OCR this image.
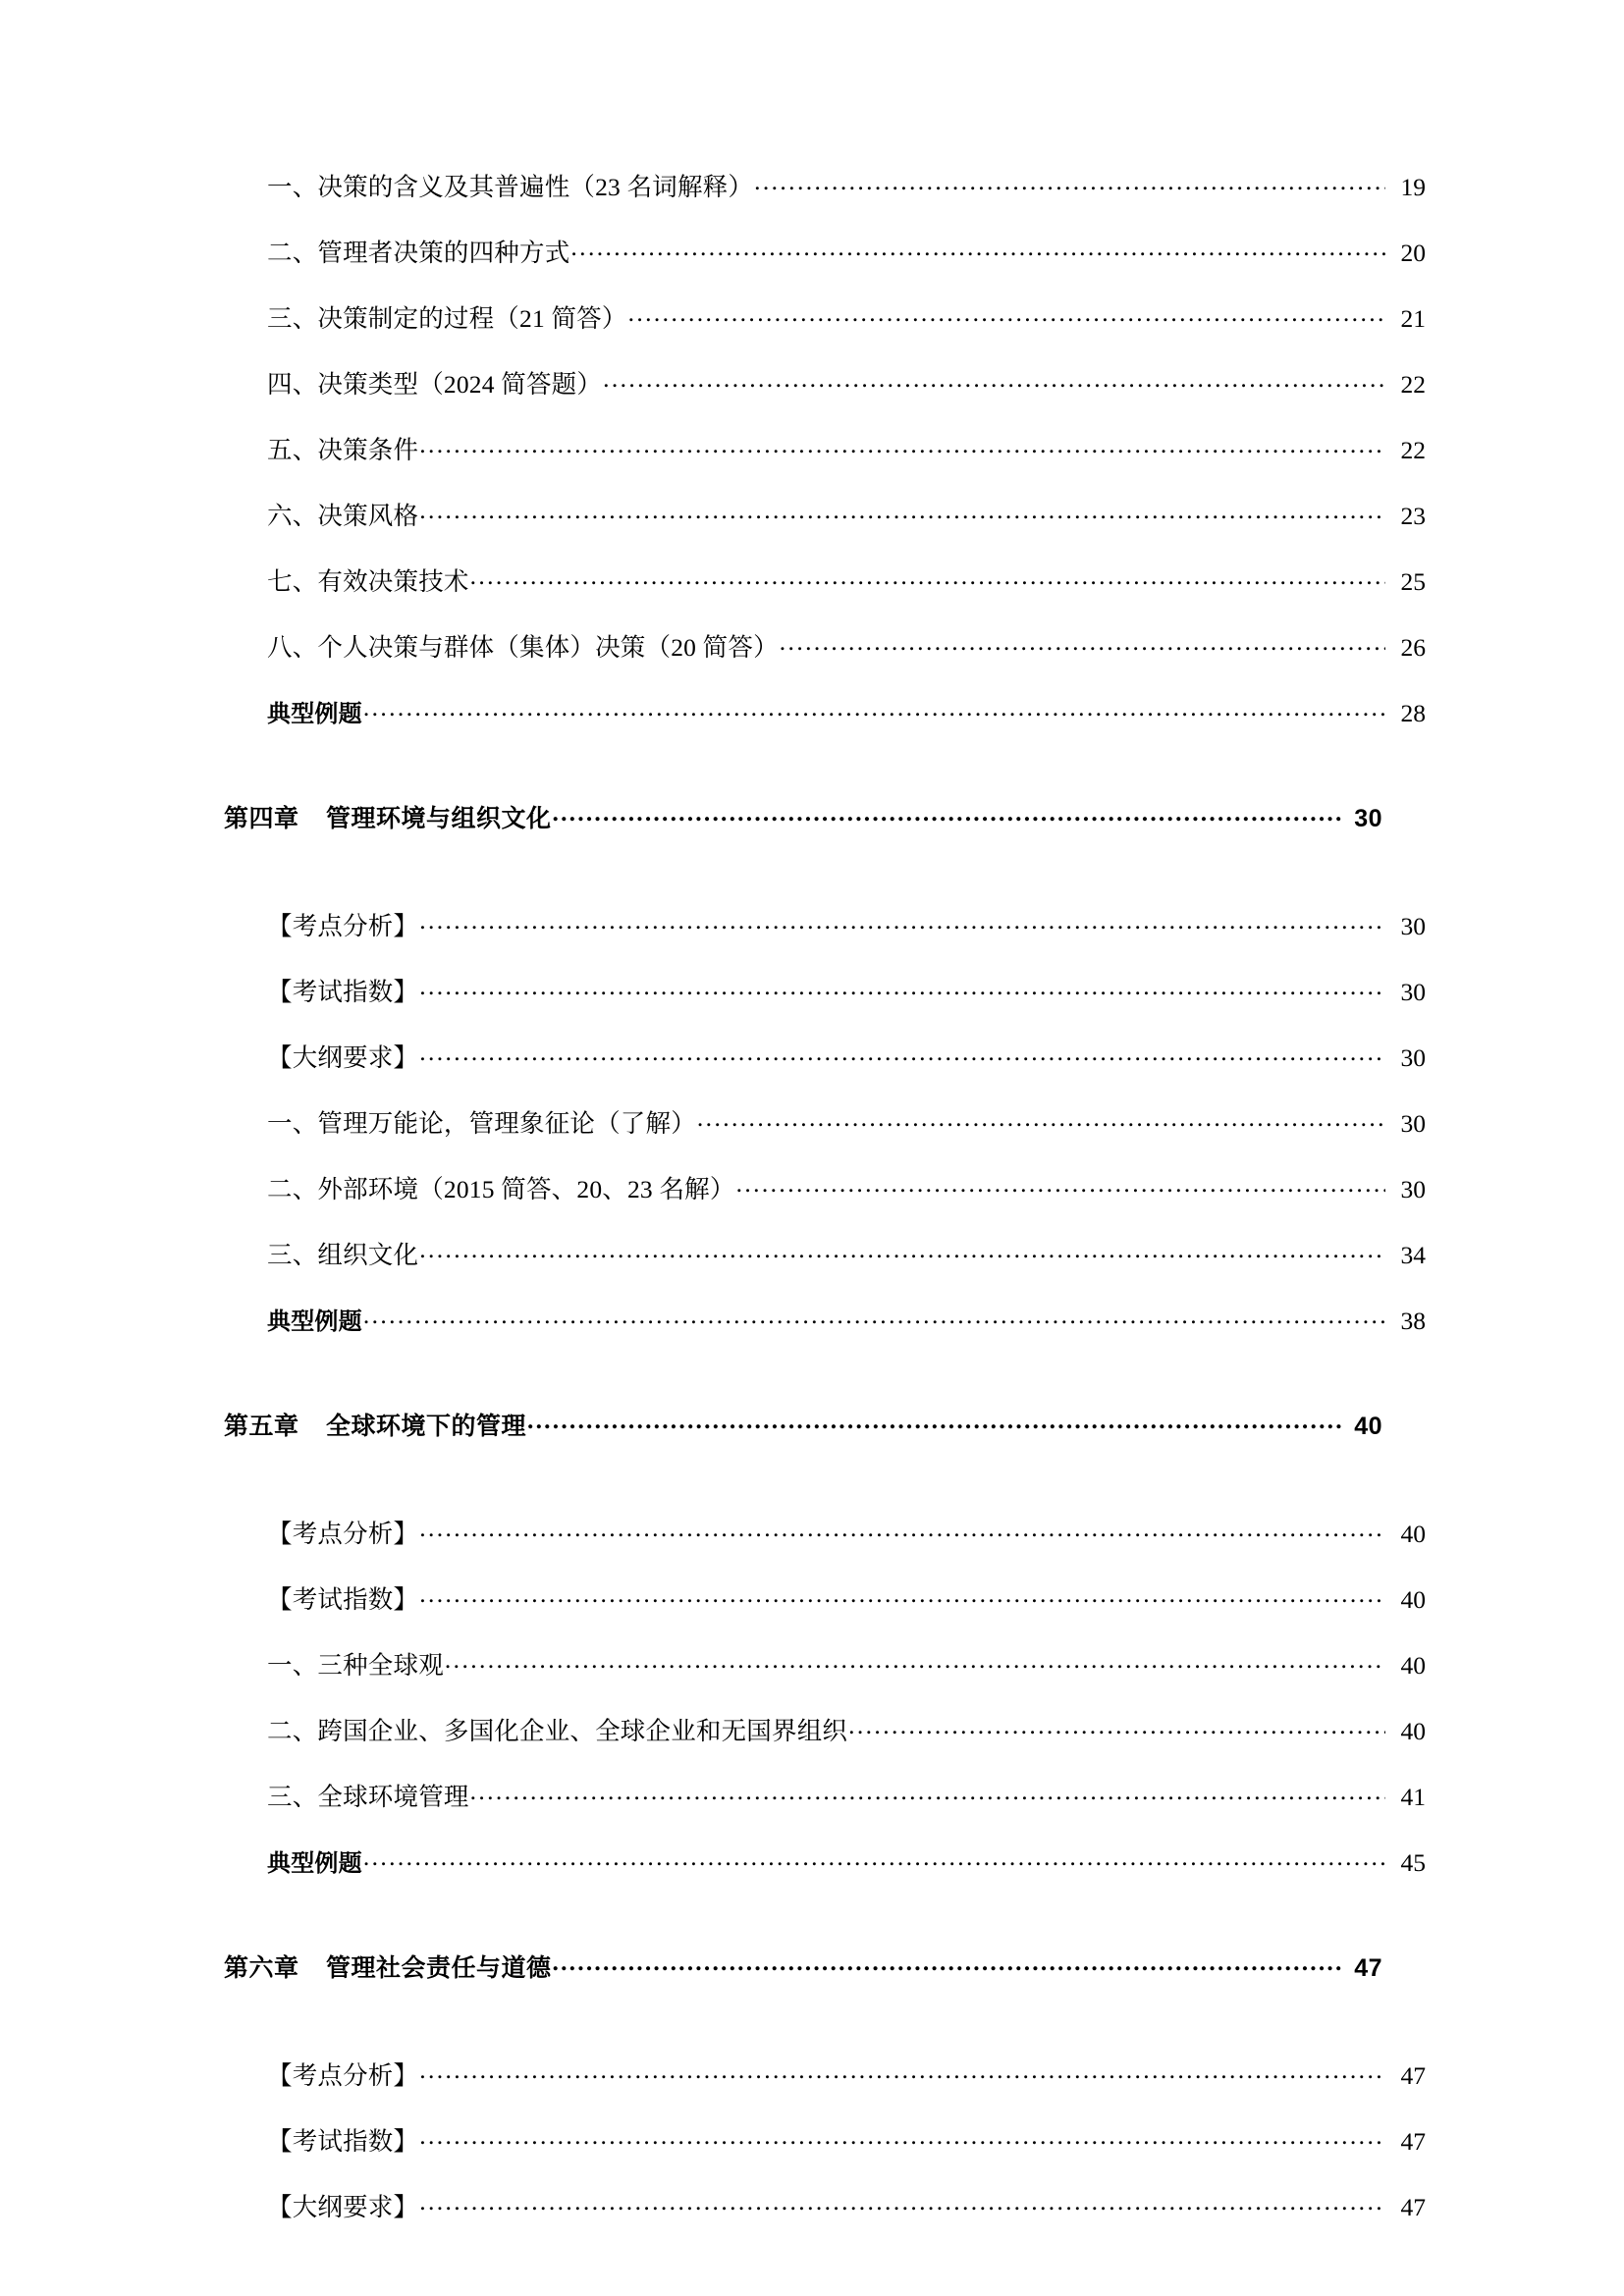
一、决策的含义及其普遍性（23 名词解释） .....	19
二、管理者决策的四种方式 .....	20
三、决策制定的过程（21 简答） .....	21
四、决策类型（2024 简答题） .....	22
五、决策条件 .....	22
六、决策风格 .....	23
七、有效决策技术 .....	25
八、个人决策与群体（集体）决策（20 简答） .....	26
典型例题 .....	28
第四章 管理环境与组织文化 .....	30
【考点分析】 .....	30
【考试指数】 .....	30
【大纲要求】 .....	30
一、管理万能论，管理象征论（了解） .....	30
二、外部环境（2015 简答、20、23 名解） .....	30
三、组织文化 .....	34
典型例题 .....	38
第五章 全球环境下的管理 .....	40
【考点分析】 .....	40
【考试指数】 .....	40
一、三种全球观 .....	40
二、跨国企业、多国化企业、全球企业和无国界组织 .....	40
三、全球环境管理 .....	41
典型例题 .....	45
第六章 管理社会责任与道德 .....	47
【考点分析】 .....	47
【考试指数】 .....	47
【大纲要求】 .....	47
